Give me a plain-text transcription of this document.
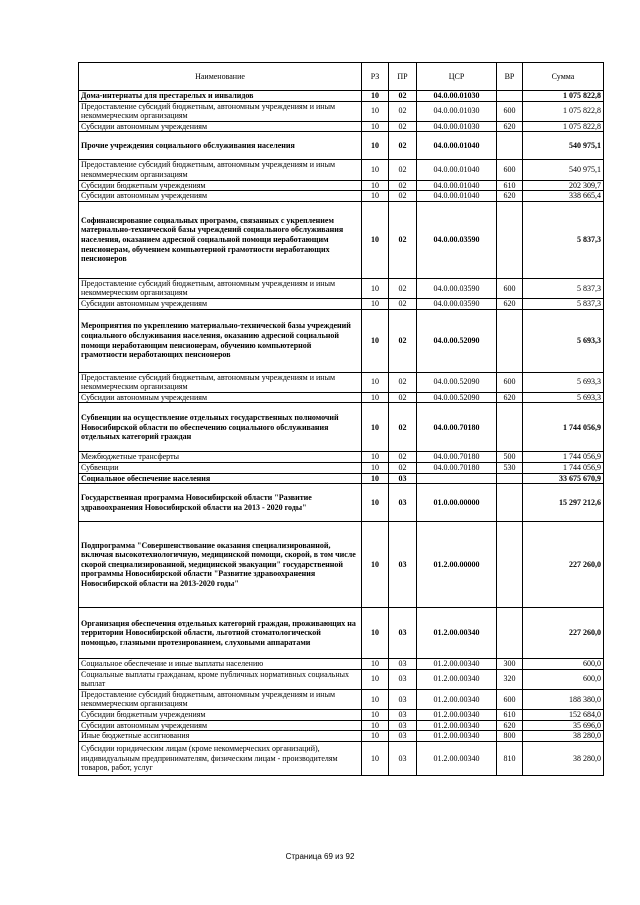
Наименование	РЗ	ПР	ЦСР	ВР	Сумма
Дома-интернаты для престарелых и инвалидов	10	02	04.0.00.01030		1 075 822,8
Предоставление субсидий бюджетным, автономным учреждениям и иным некоммерческим организациям	10	02	04.0.00.01030	600	1 075 822,8
Субсидии автономным учреждениям	10	02	04.0.00.01030	620	1 075 822,8
Прочие учреждения социального обслуживания населения	10	02	04.0.00.01040		540 975,1
Предоставление субсидий бюджетным, автономным учреждениям и иным некоммерческим организациям	10	02	04.0.00.01040	600	540 975,1
Субсидии бюджетным учреждениям	10	02	04.0.00.01040	610	202 309,7
Субсидии автономным учреждениям	10	02	04.0.00.01040	620	338 665,4
Софинансирование социальных программ, связанных с укреплением материально-технической базы учреждений социального обслуживания населения, оказанием адресной социальной помощи неработающим пенсионерам, обучением компьютерной грамотности неработающих пенсионеров	10	02	04.0.00.03590		5 837,3
Предоставление субсидий бюджетным, автономным учреждениям и иным некоммерческим организациям	10	02	04.0.00.03590	600	5 837,3
Субсидии автономным учреждениям	10	02	04.0.00.03590	620	5 837,3
Мероприятия по укреплению материально-технической базы учреждений социального обслуживания населения, оказанию адресной социальной помощи неработающим пенсионерам, обучению компьютерной грамотности неработающих пенсионеров	10	02	04.0.00.52090		5 693,3
Предоставление субсидий бюджетным, автономным учреждениям и иным некоммерческим организациям	10	02	04.0.00.52090	600	5 693,3
Субсидии автономным учреждениям	10	02	04.0.00.52090	620	5 693,3
Субвенции на осуществление отдельных государственных полномочий Новосибирской области по обеспечению социального обслуживания отдельных категорий граждан	10	02	04.0.00.70180		1 744 056,9
Межбюджетные трансферты	10	02	04.0.00.70180	500	1 744 056,9
Субвенции	10	02	04.0.00.70180	530	1 744 056,9
Социальное обеспечение населения	10	03			33 675 670,9
Государственная программа Новосибирской области "Развитие здравоохранения Новосибирской области на 2013 - 2020 годы"	10	03	01.0.00.00000		15 297 212,6
Подпрограмма "Совершенствование оказания специализированной, включая высокотехнологичную, медицинской помощи, скорой, в том числе скорой специализированной, медицинской эвакуации" государственной программы Новосибирской области "Развитие здравоохранения Новосибирской области на 2013-2020 годы"	10	03	01.2.00.00000		227 260,0
Организация обеспечения отдельных категорий граждан, проживающих на территории Новосибирской области, льготной стоматологической помощью, глазными протезированием, слуховыми аппаратами	10	03	01.2.00.00340		227 260,0
Социальное обеспечение и иные выплаты населению	10	03	01.2.00.00340	300	600,0
Социальные выплаты гражданам, кроме публичных нормативных социальных выплат	10	03	01.2.00.00340	320	600,0
Предоставление субсидий бюджетным, автономным учреждениям и иным некоммерческим организациям	10	03	01.2.00.00340	600	188 380,0
Субсидии бюджетным учреждениям	10	03	01.2.00.00340	610	152 684,0
Субсидии автономным учреждениям	10	03	01.2.00.00340	620	35 696,0
Иные бюджетные ассигнования	10	03	01.2.00.00340	800	38 280,0
Субсидии юридическим лицам (кроме некоммерческих организаций), индивидуальным предпринимателям, физическим лицам - производителям товаров, работ, услуг	10	03	01.2.00.00340	810	38 280,0
Страница 69 из 92
